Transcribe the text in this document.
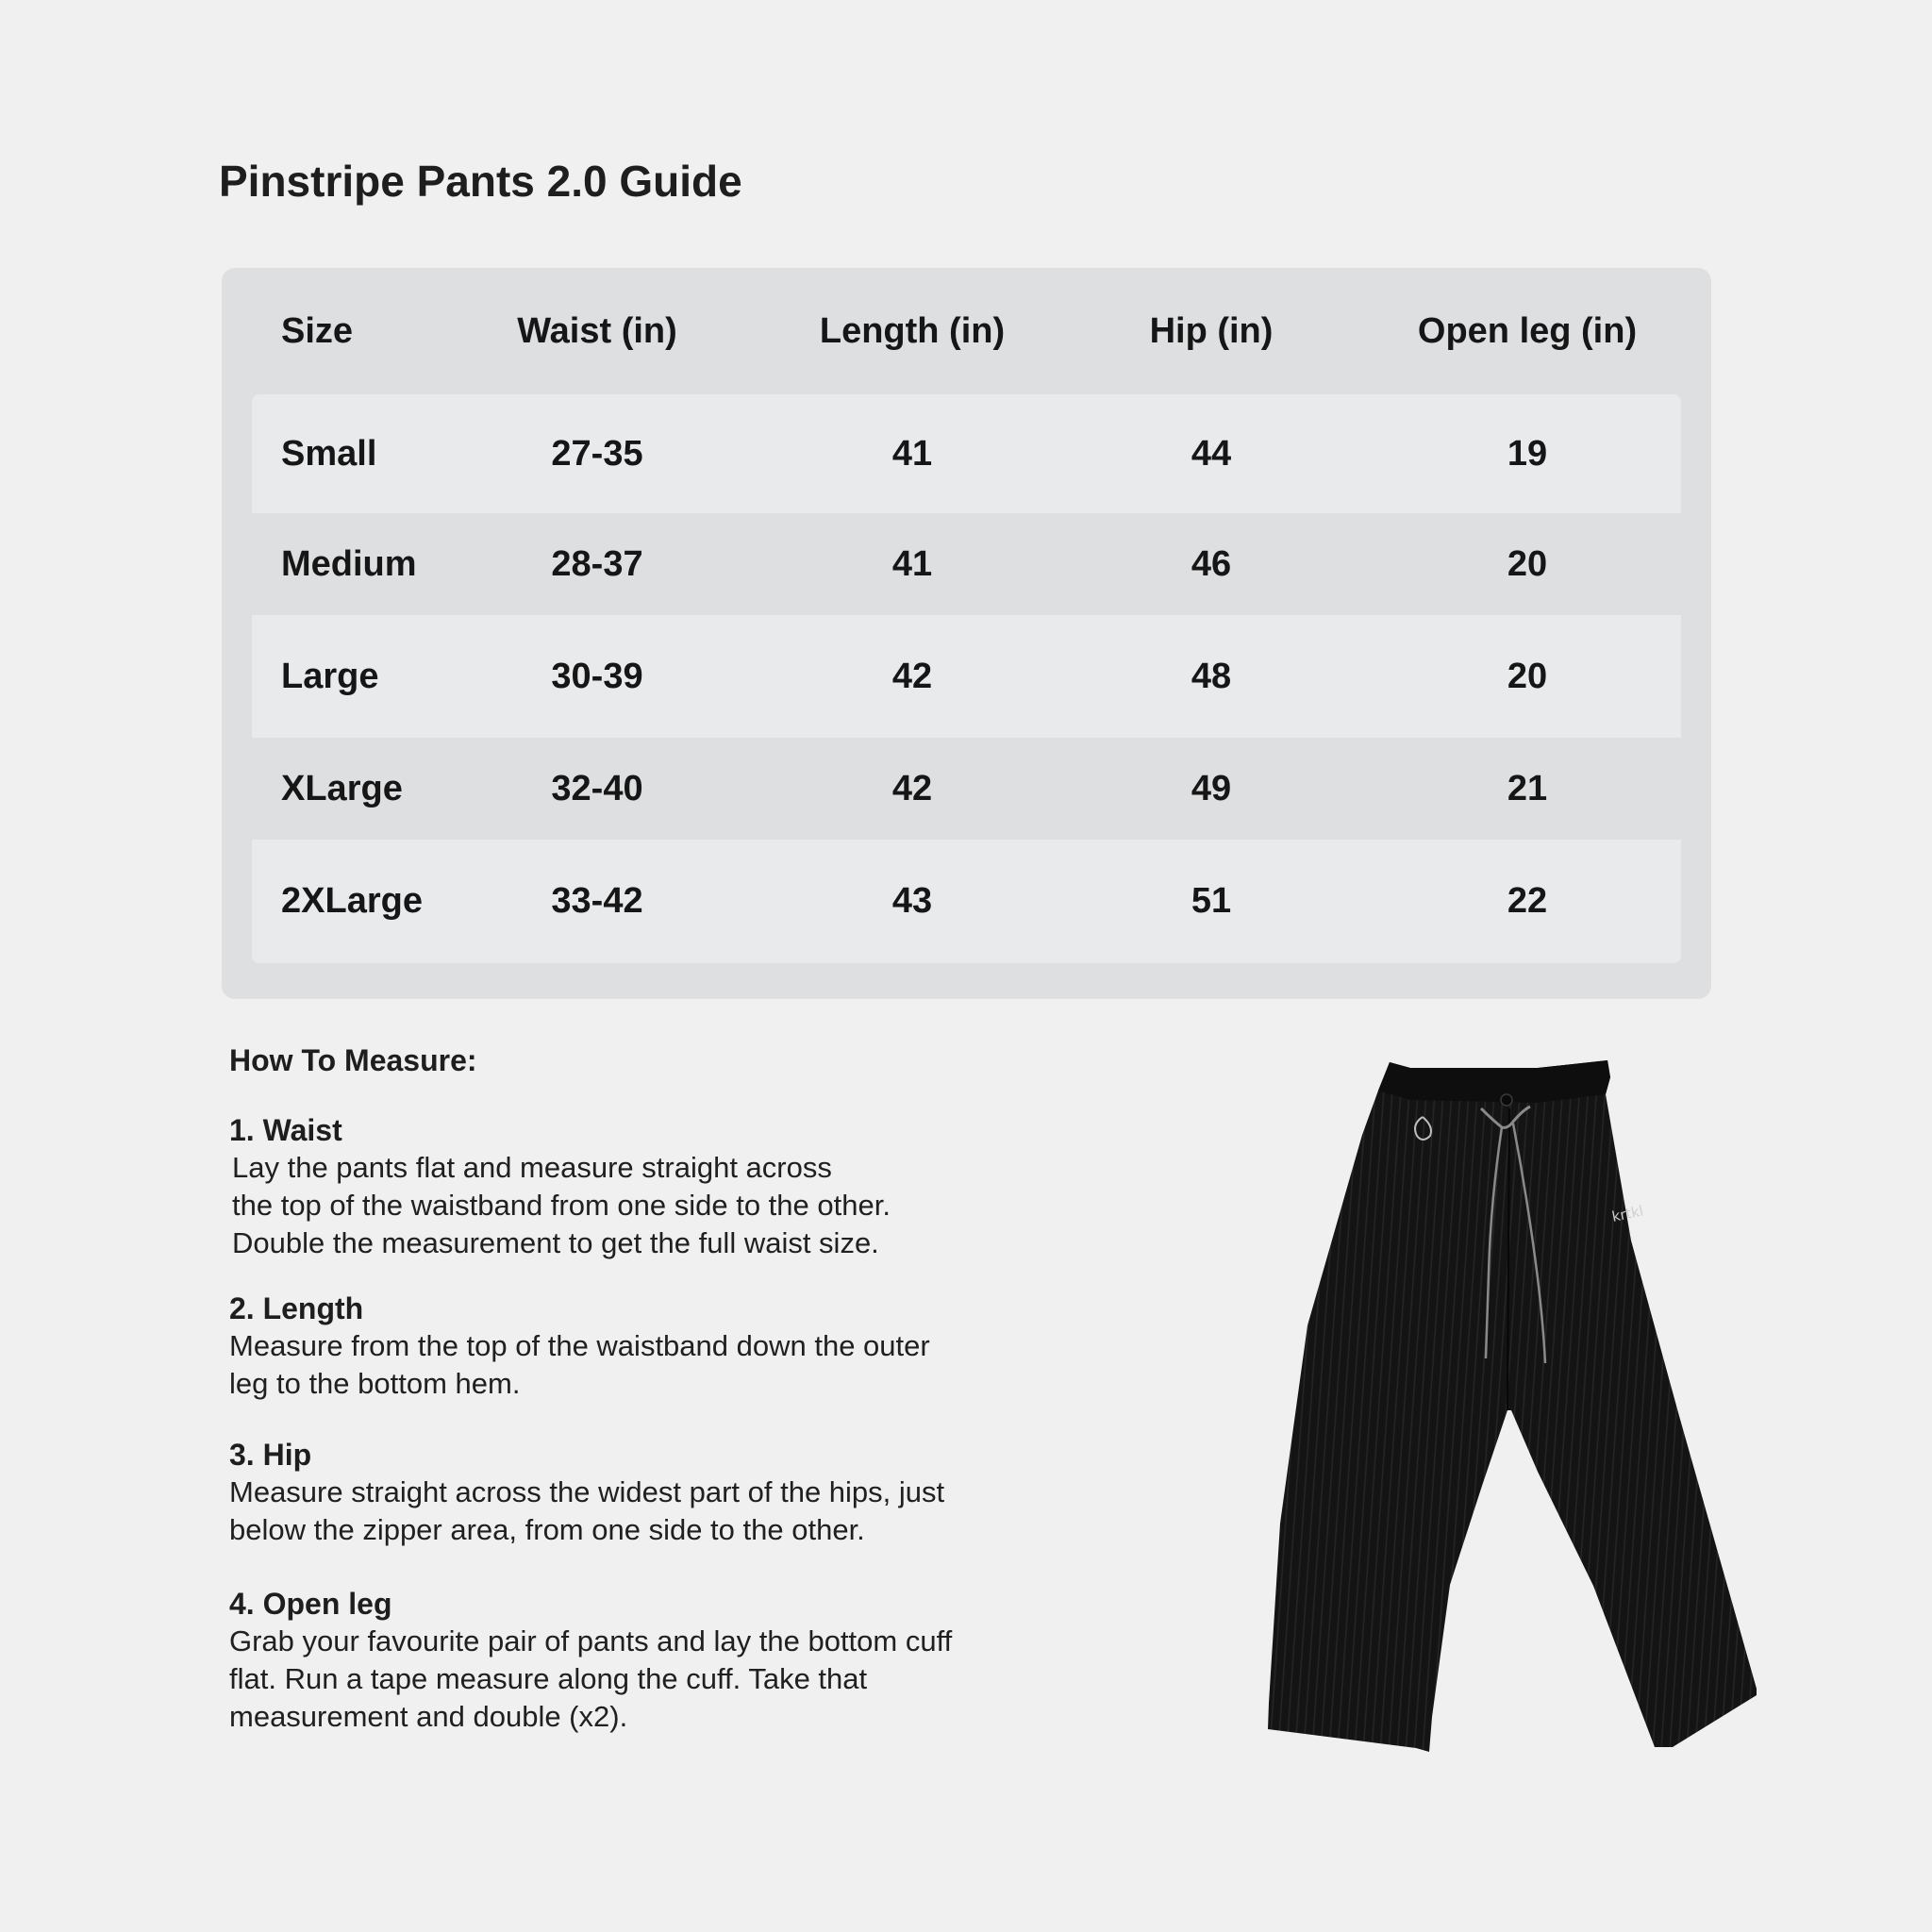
Pinstripe Pants 2.0 Guide
Size	Waist (in)	Length (in)	Hip (in)	Open leg (in)
Small	27-35	41	44	19
Medium	28-37	41	46	20
Large	30-39	42	48	20
XLarge	32-40	42	49	21
2XLarge	33-42	43	51	22
How To Measure:

1. Waist

Lay the pants flat and measure straight across

the top of the waistband from one side to the other.

Double the measurement to get the full waist size.

2. Length

Measure from the top of the waistband down the outer

leg to the bottom hem.

3. Hip

Measure straight across the widest part of the hips, just

below the zipper area, from one side to the other.

4. Open leg

Grab your favourite pair of pants and lay the bottom cuff

flat. Run a tape measure along the cuff. Take that

measurement and double (x2).

krtkl
